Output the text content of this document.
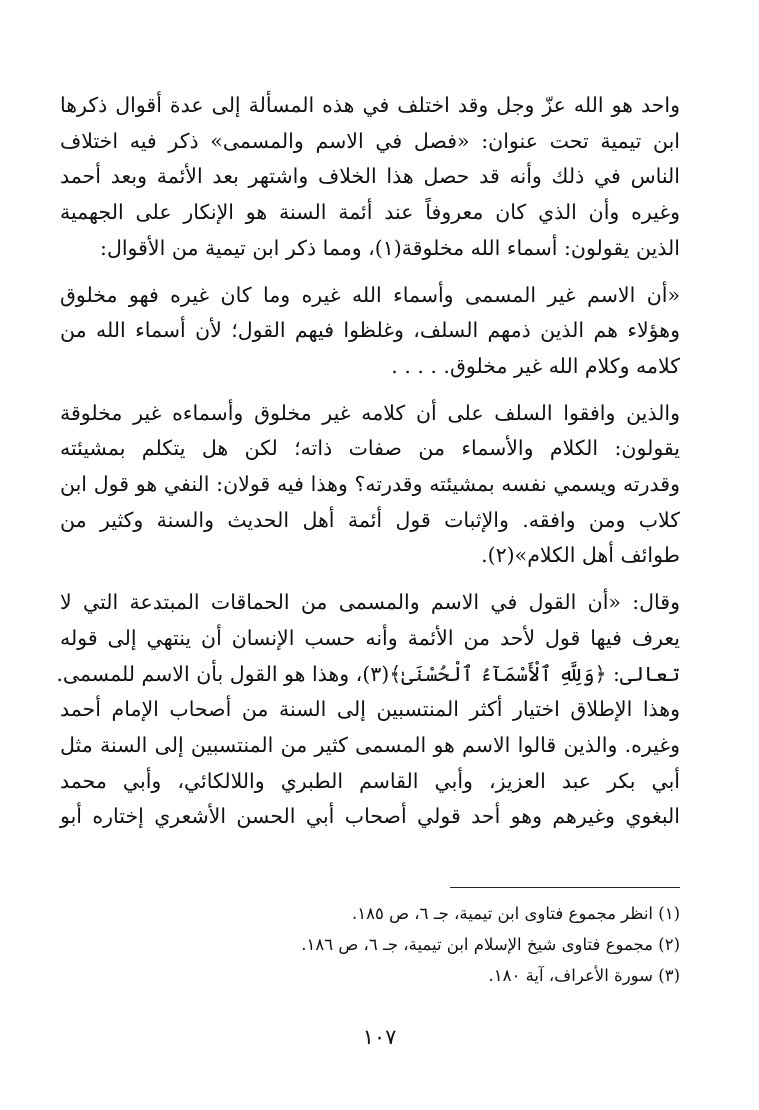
واحد هو الله عزّ وجل وقد اختلف في هذه المسألة إلى عدة أقوال ذكرها
ابن تيمية تحت عنوان: «فصل في الاسم والمسمى» ذكر فيه اختلاف
الناس في ذلك وأنه قد حصل هذا الخلاف واشتهر بعد الأئمة وبعد أحمد
وغيره وأن الذي كان معروفاً عند أئمة السنة هو الإنكار على الجهمية
الذين يقولون: أسماء الله مخلوقة(١)، ومما ذكر ابن تيمية من الأقوال:

«أن الاسم غير المسمى وأسماء الله غيره وما كان غيره فهو مخلوق
وهؤلاء هم الذين ذمهم السلف، وغلظوا فيهم القول؛ لأن أسماء الله من
كلامه وكلام الله غير مخلوق. . . . .

والذين وافقوا السلف على أن كلامه غير مخلوق وأسماءه غير مخلوقة
يقولون: الكلام والأسماء من صفات ذاته؛ لكن هل يتكلم بمشيئته
وقدرته ويسمي نفسه بمشيئته وقدرته؟ وهذا فيه قولان: النفي هو قول ابن
كلاب ومن وافقه. والإثبات قول أئمة أهل الحديث والسنة وكثير من
طوائف أهل الكلام»(٢).

وقال: «أن القول في الاسم والمسمى من الحماقات المبتدعة التي لا
يعرف فيها قول لأحد من الأئمة وأنه حسب الإنسان أن ينتهي إلى قوله
تعالى: ﴿وَلِلَّهِ ٱلْأَسْمَآءُ ٱلْحُسْنَىٰ﴾(٣)، وهذا هو القول بأن الاسم للمسمى.
وهذا الإطلاق اختيار أكثر المنتسبين إلى السنة من أصحاب الإمام أحمد
وغيره. والذين قالوا الاسم هو المسمى كثير من المنتسبين إلى السنة مثل
أبي بكر عبد العزيز، وأبي القاسم الطبري واللالكائي، وأبي محمد
البغوي وغيرهم وهو أحد قولي أصحاب أبي الحسن الأشعري إختاره أبو

(١) انظر مجموع فتاوى ابن تيمية، جـ ٦، ص ١٨٥.
(٢) مجموع فتاوى شيخ الإسلام ابن تيمية، جـ ٦، ص ١٨٦.
(٣) سورة الأعراف، آية ١٨٠.
١٠٧
